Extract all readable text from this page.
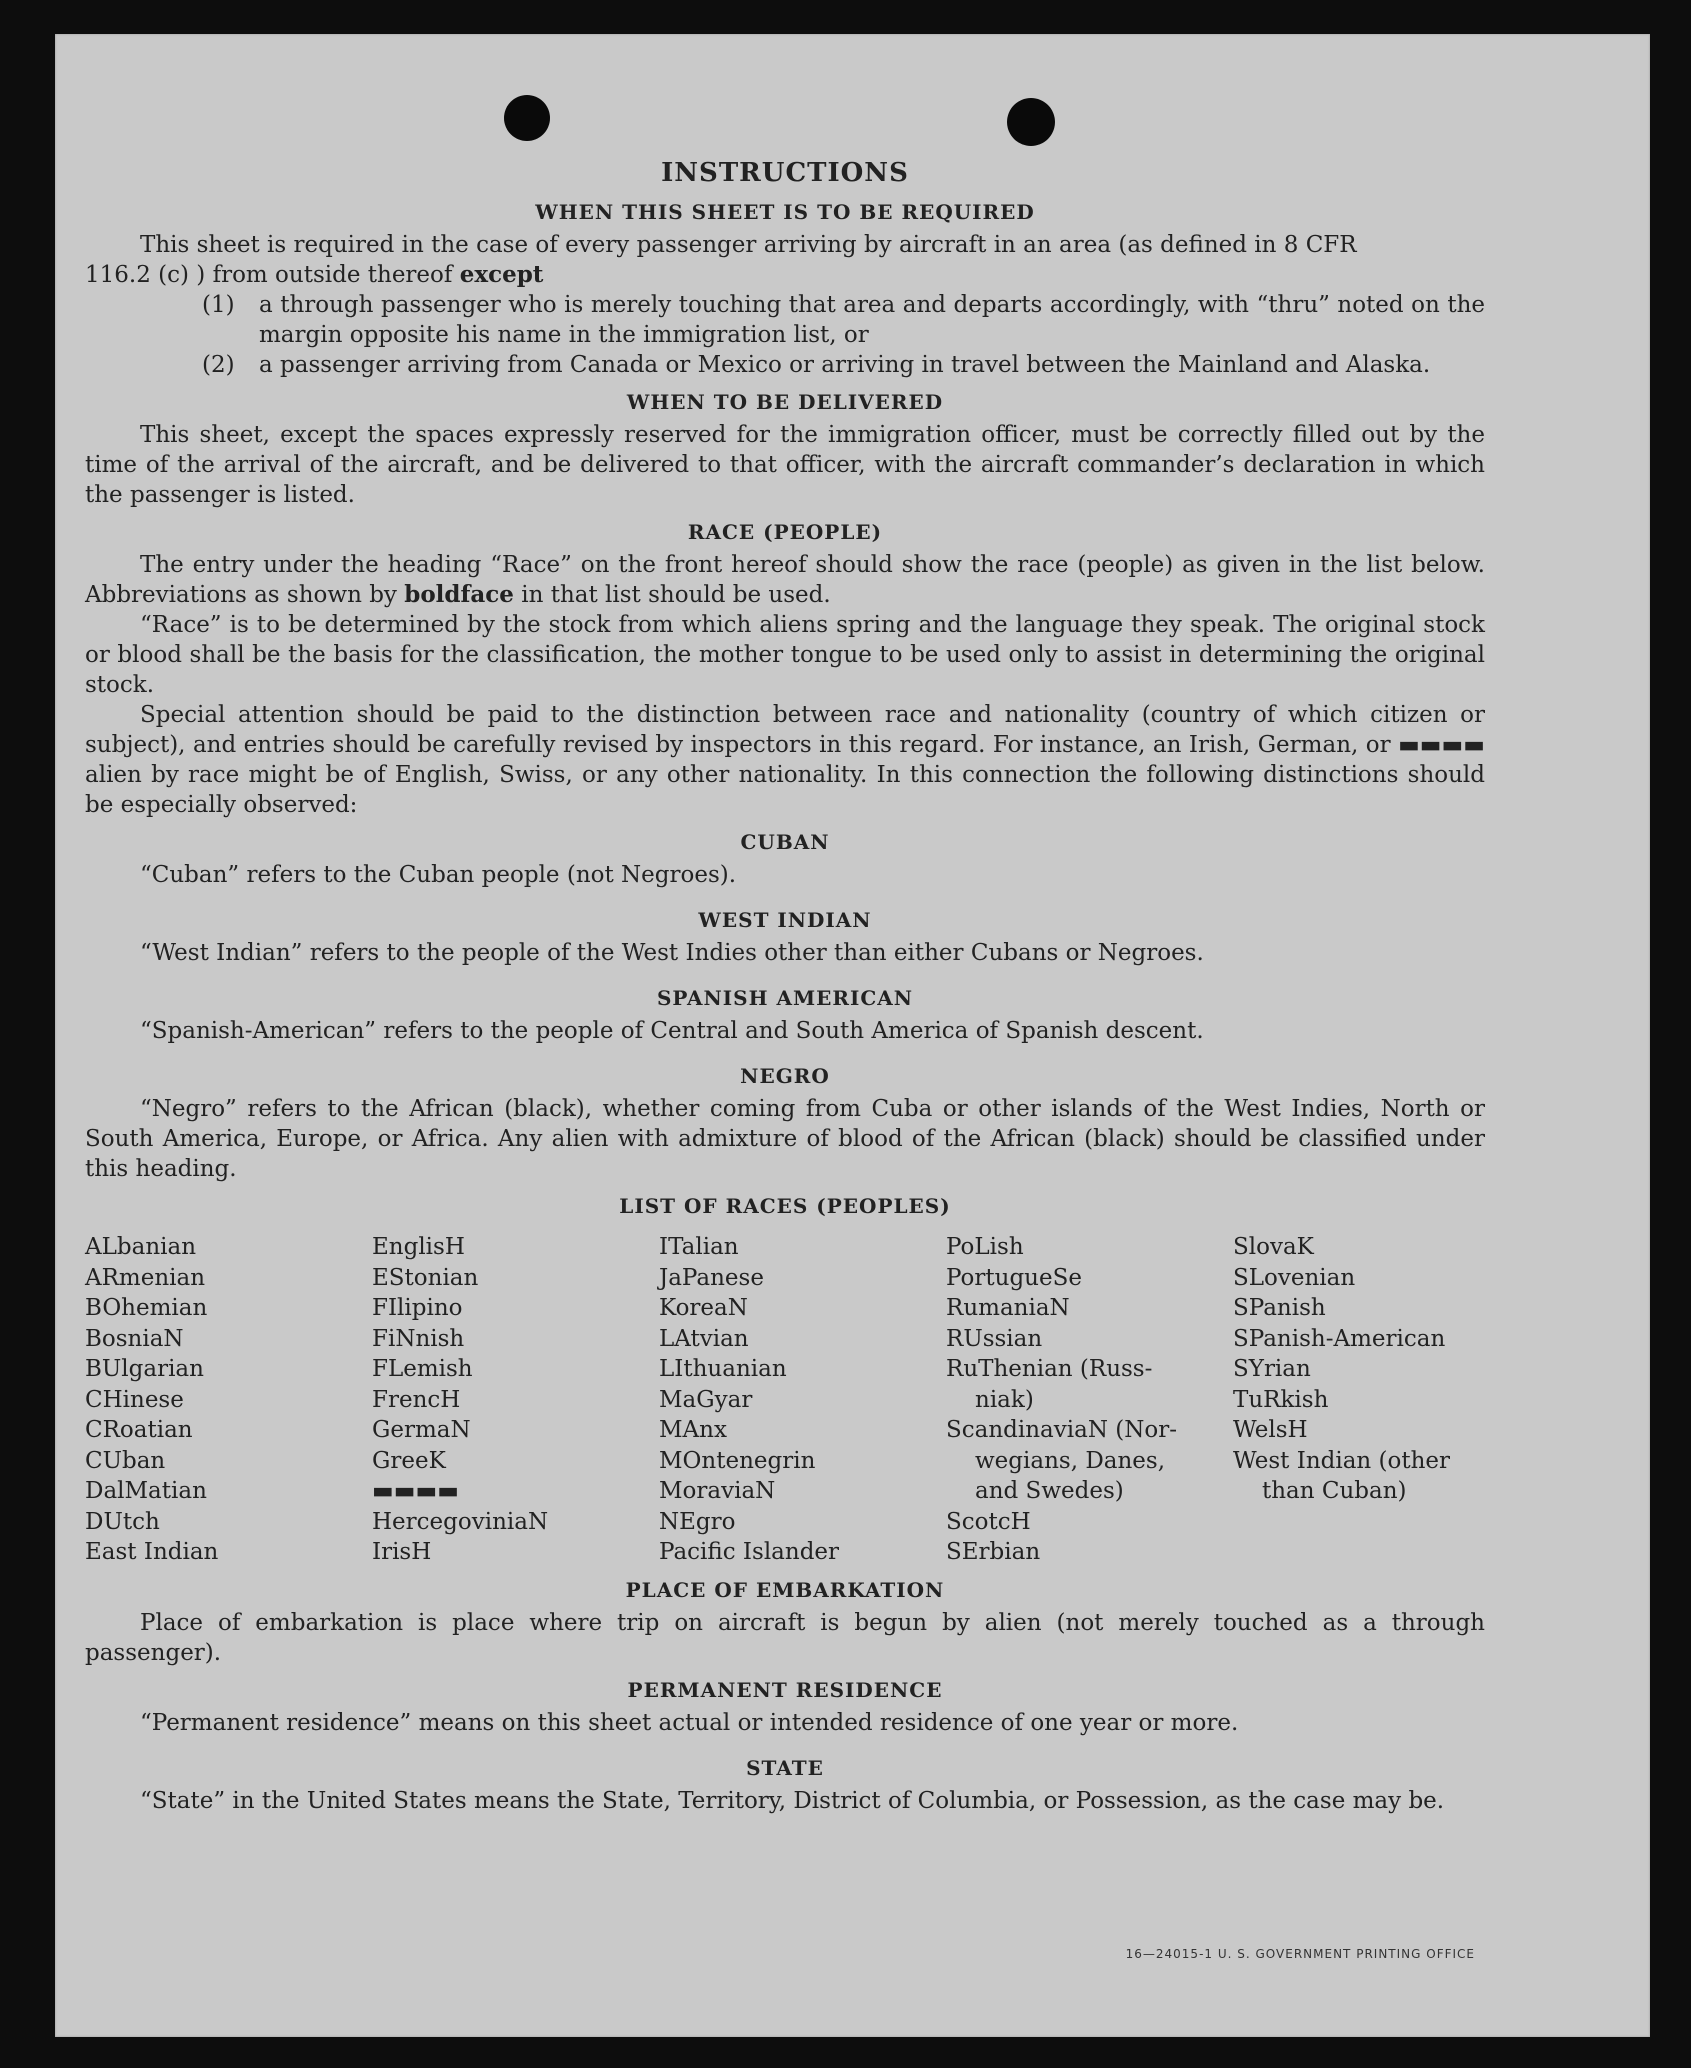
INSTRUCTIONS
WHEN THIS SHEET IS TO BE REQUIRED

This sheet is required in the case of every passenger arriving by aircraft in an area (as defined in 8 CFR

116.2 (c) ) from outside thereof except

(1)	a through passenger who is merely touching that area and departs accordingly, with “thru” noted on the margin opposite his name in the immigration list, or
(2)	a passenger arriving from Canada or Mexico or arriving in travel between the Mainland and Alaska.
WHEN TO BE DELIVERED

This sheet, except the spaces expressly reserved for the immigration officer, must be correctly filled out by the time of the arrival of the aircraft, and be delivered to that officer, with the aircraft commander’s declaration in which the passenger is listed.

RACE (PEOPLE)

The entry under the heading “Race” on the front hereof should show the race (people) as given in the list below. Abbreviations as shown by boldface in that list should be used.

“Race” is to be determined by the stock from which aliens spring and the language they speak. The original stock or blood shall be the basis for the classification, the mother tongue to be used only to assist in determining the original stock.

Special attention should be paid to the distinction between race and nationality (country of which citizen or subject), and entries should be carefully revised by inspectors in this regard. For instance, an Irish, German, or ▬▬▬▬ alien by race might be of English, Swiss, or any other nationality. In this connection the following distinctions should be especially observed:

CUBAN

“Cuban” refers to the Cuban people (not Negroes).

WEST INDIAN

“West Indian” refers to the people of the West Indies other than either Cubans or Negroes.

SPANISH AMERICAN

“Spanish-American” refers to the people of Central and South America of Spanish descent.

NEGRO

“Negro” refers to the African (black), whether coming from Cuba or other islands of the West Indies, North or South America, Europe, or Africa. Any alien with admixture of blood of the African (black) should be classified under this heading.

LIST OF RACES (PEOPLES)
ALbanian
ARmenian
BOhemian
BosniaN
BUlgarian
CHinese
CRoatian
CUban
DalMatian
DUtch
East Indian
EnglisH
EStonian
FIlipino
FiNnish
FLemish
FrencH
GermaN
GreeK
▬▬▬▬
HercegoviniaN
IrisH
ITalian
JaPanese
KoreaN
LAtvian
LIthuanian
MaGyar
MAnx
MOntenegrin
MoraviaN
NEgro
Pacific Islander
PoLish
PortugueSe
RumaniaN
RUssian
RuThenian (Russ-
niak)
ScandinaviaN (Nor-
wegians, Danes,
and Swedes)
ScotcH
SErbian
SlovaK
SLovenian
SPanish
SPanish-American
SYrian
TuRkish
WelsH
West Indian (other
than Cuban)
PLACE OF EMBARKATION

Place of embarkation is place where trip on aircraft is begun by alien (not merely touched as a through passenger).

PERMANENT RESIDENCE

“Permanent residence” means on this sheet actual or intended residence of one year or more.

STATE

“State” in the United States means the State, Territory, District of Columbia, or Possession, as the case may be.

16—24015-1 U. S. GOVERNMENT PRINTING OFFICE
